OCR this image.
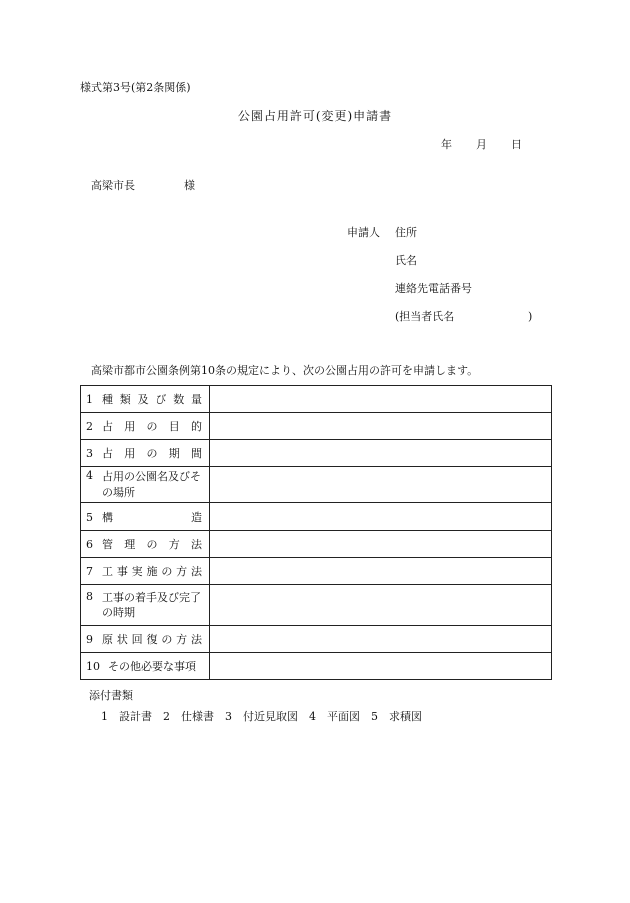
様式第3号(第2条関係)
公園占用許可(変更)申請書
年 月 日
高梁市長	様
申請人 住所
氏名
連絡先電話番号
(担当者氏名	)
高梁市都市公園条例第10条の規定により、次の公園占用の許可を申請します。
1 種類及び数量	
2 占用の目的	
3 占用の期間	

4 占用の公園名及びその場所	

5 構造	
6 管理の方法	
7 工事実施の方法	

8 工事の着手及び完了の時期	

9 原状回復の方法	
10 その他必要な事項	
添付書類
1　設計書　2　仕様書　3　付近見取図　4　平面図　5　求積図
